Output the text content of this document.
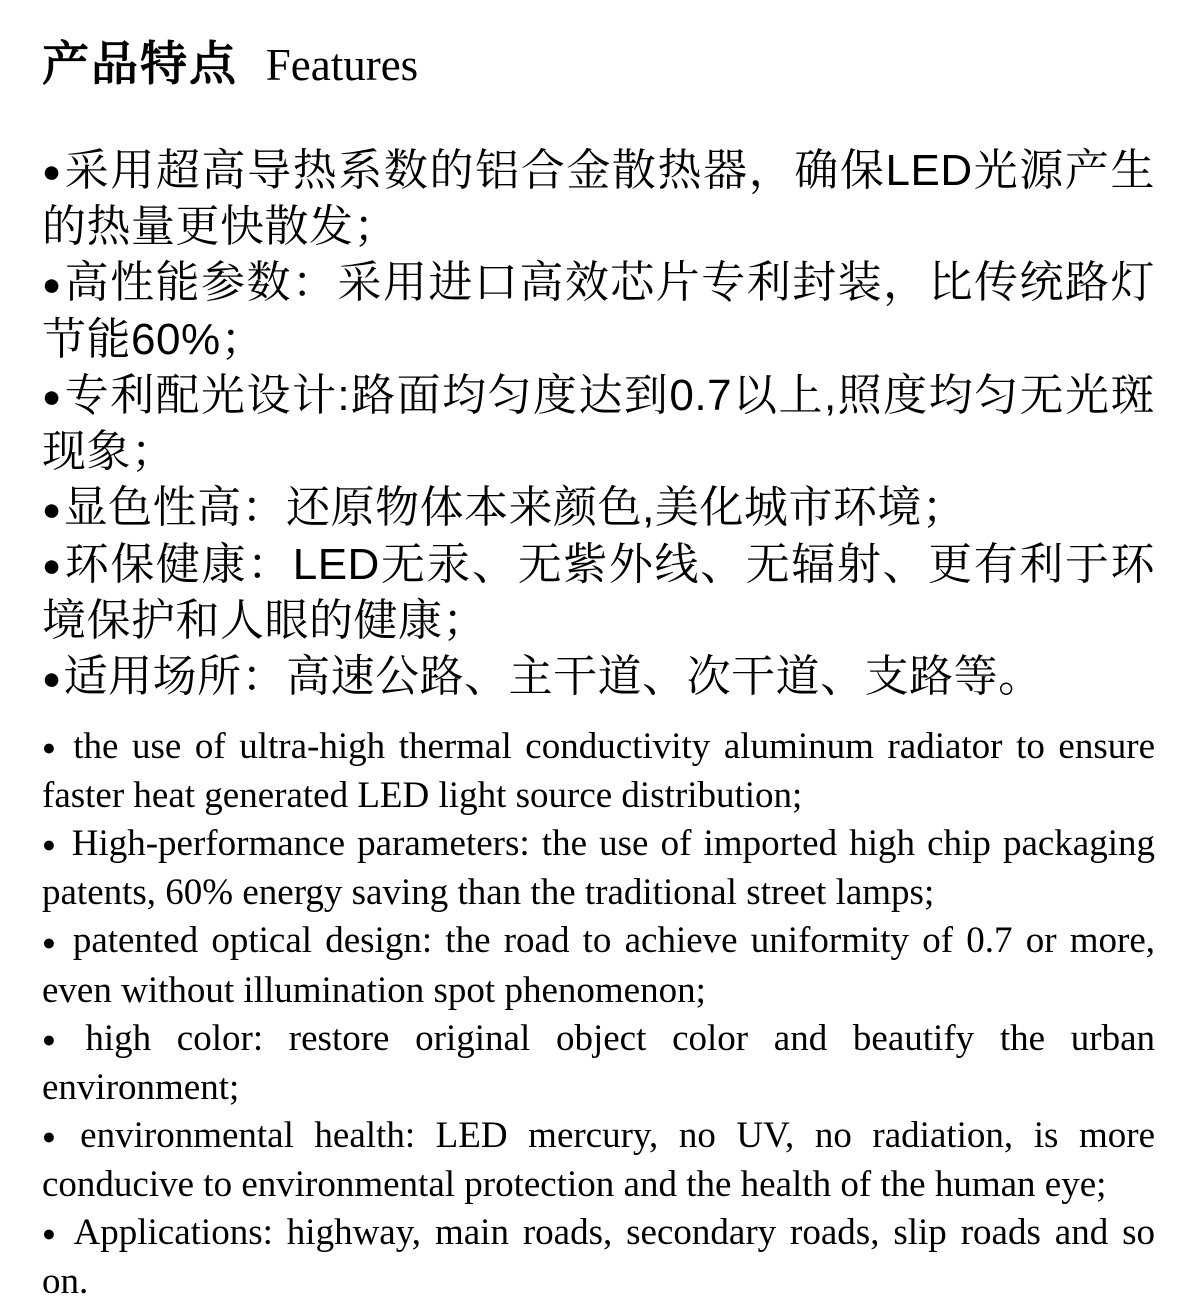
产品特点 Features

●采用超高导热系数的铝合金散热器，确保LED光源产生的热量更快散发；

●高性能参数：采用进口高效芯片专利封装，比传统路灯节能60%；

●专利配光设计:路面均匀度达到0.7以上,照度均匀无光斑现象；

●显色性高：还原物体本来颜色,美化城市环境；

●环保健康：LED无汞、无紫外线、无辐射、更有利于环境保护和人眼的健康；

●适用场所：高速公路、主干道、次干道、支路等。

● the use of ultra-high thermal conductivity aluminum radiator to ensure faster heat generated LED light source distribution;

● High-performance parameters: the use of imported high chip packaging patents, 60% energy saving than the traditional street lamps;

● patented optical design: the road to achieve uniformity of 0.7 or more, even without illumination spot phenomenon;

● high color: restore original object color and beautify the urban environment;

● environmental health: LED mercury, no UV, no radiation, is more conducive to environmental protection and the health of the human eye;

● Applications: highway, main roads, secondary roads, slip roads and so on.
